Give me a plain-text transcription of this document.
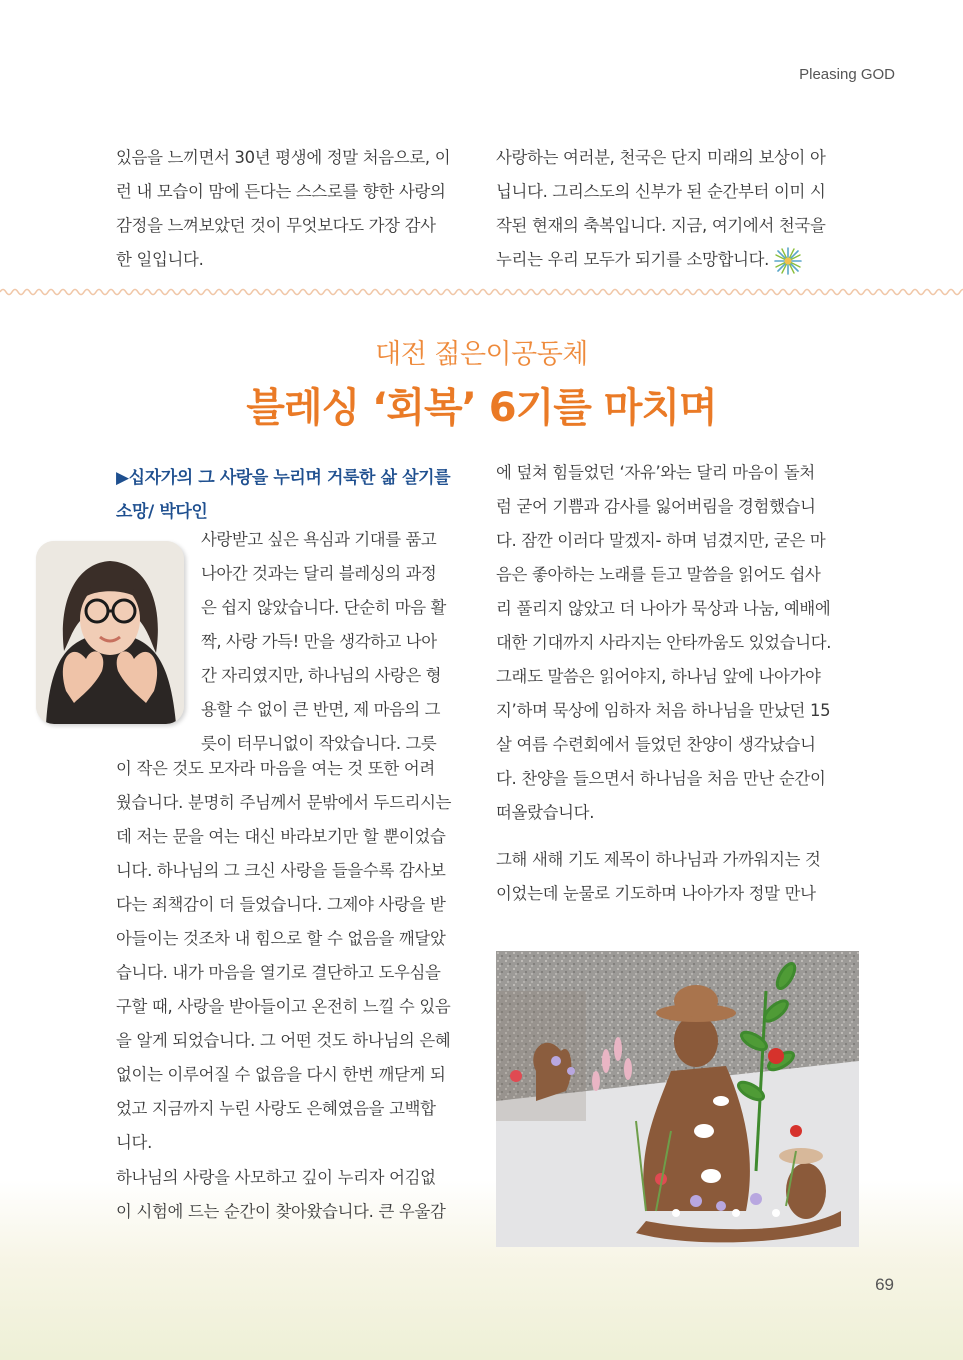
Pleasing GOD
있음을 느끼면서 30년 평생에 정말 처음으로, 이
런 내 모습이 맘에 든다는 스스로를 향한 사랑의
감정을 느껴보았던 것이 무엇보다도 가장 감사
한 일입니다.
사랑하는 여러분, 천국은 단지 미래의 보상이 아
닙니다. 그리스도의 신부가 된 순간부터 이미 시
작된 현재의 축복입니다. 지금, 여기에서 천국을
누리는 우리 모두가 되기를 소망합니다.
대전 젊은이공동체
블레싱 ‘회복’ 6기를 마치며
▶십자가의 그 사랑을 누리며 거룩한 삶 살기를
소망/ 박다인
사랑받고 싶은 욕심과 기대를 품고
나아간 것과는 달리 블레싱의 과정
은 쉽지 않았습니다. 단순히 마음 활
짝, 사랑 가득! 만을 생각하고 나아
간 자리였지만, 하나님의 사랑은 형
용할 수 없이 큰 반면, 제 마음의 그
릇이 터무니없이 작았습니다. 그릇
이 작은 것도 모자라 마음을 여는 것 또한 어려
웠습니다. 분명히 주님께서 문밖에서 두드리시는
데 저는 문을 여는 대신 바라보기만 할 뿐이었습
니다. 하나님의 그 크신 사랑을 들을수록 감사보
다는 죄책감이 더 들었습니다. 그제야 사랑을 받
아들이는 것조차 내 힘으로 할 수 없음을 깨달았
습니다. 내가 마음을 열기로 결단하고 도우심을
구할 때, 사랑을 받아들이고 온전히 느낄 수 있음
을 알게 되었습니다. 그 어떤 것도 하나님의 은혜
없이는 이루어질 수 없음을 다시 한번 깨닫게 되
었고 지금까지 누린 사랑도 은혜였음을 고백합
니다.
하나님의 사랑을 사모하고 깊이 누리자 어김없
이 시험에 드는 순간이 찾아왔습니다. 큰 우울감
에 덮쳐 힘들었던 ‘자유’와는 달리 마음이 돌처
럼 굳어 기쁨과 감사를 잃어버림을 경험했습니
다. 잠깐 이러다 말겠지- 하며 넘겼지만, 굳은 마
음은 좋아하는 노래를 듣고 말씀을 읽어도 쉽사
리 풀리지 않았고 더 나아가 묵상과 나눔, 예배에
대한 기대까지 사라지는 안타까움도 있었습니다.
그래도 말씀은 읽어야지, 하나님 앞에 나아가야
지’하며 묵상에 임하자 처음 하나님을 만났던 15
살 여름 수련회에서 들었던 찬양이 생각났습니
다. 찬양을 들으면서 하나님을 처음 만난 순간이
떠올랐습니다.
그해 새해 기도 제목이 하나님과 가까워지는 것
이었는데 눈물로 기도하며 나아가자 정말 만나
69
